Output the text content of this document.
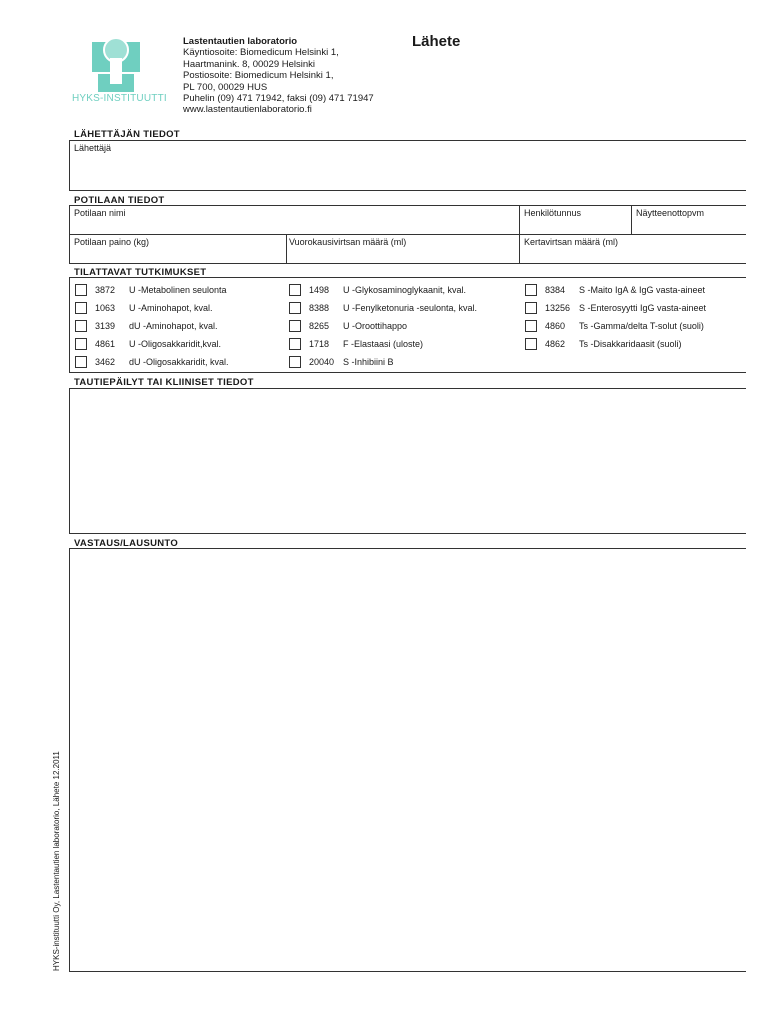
HYKS-INSTITUUTTI
Lastentautien laboratorio
Käyntiosoite: Biomedicum Helsinki 1,
Haartmanink. 8, 00029 Helsinki
Postiosoite: Biomedicum Helsinki 1,
PL 700, 00029 HUS
Puhelin (09) 471 71942, faksi (09) 471 71947
www.lastentautienlaboratorio.fi
Lähete
LÄHETTÄJÄN TIEDOT
Lähettäjä
POTILAAN TIEDOT
Potilaan nimi	Henkilötunnus	Näytteenottopvm
Potilaan paino (kg)	Vuorokausivirtsan määrä (ml)	Kertavirtsan määrä (ml)
TILATTAVAT TUTKIMUKSET
3872	U -Metabolinen seulonta
1063	U -Aminohapot, kval.
3139	dU -Aminohapot, kval.
4861	U -Oligosakkaridit,kval.
3462	dU -Oligosakkaridit, kval.
1498	U -Glykosaminoglykaanit, kval.
8388	U -Fenylketonuria -seulonta, kval.
8265	U -Oroottihappo
1718	F -Elastaasi (uloste)
20040 S -Inhibiini B
8384	S -Maito IgA & IgG vasta-aineet
13256 S -Enterosyytti IgG vasta-aineet
4860	Ts -Gamma/delta T-solut (suoli)
4862	Ts -Disakkaridaasit (suoli)
TAUTIEPÄILYT TAI KLIINISET TIEDOT
VASTAUS/LAUSUNTO
HYKS-instituutti Oy, Lastentautien laboratorio, Lähete 12.2011
